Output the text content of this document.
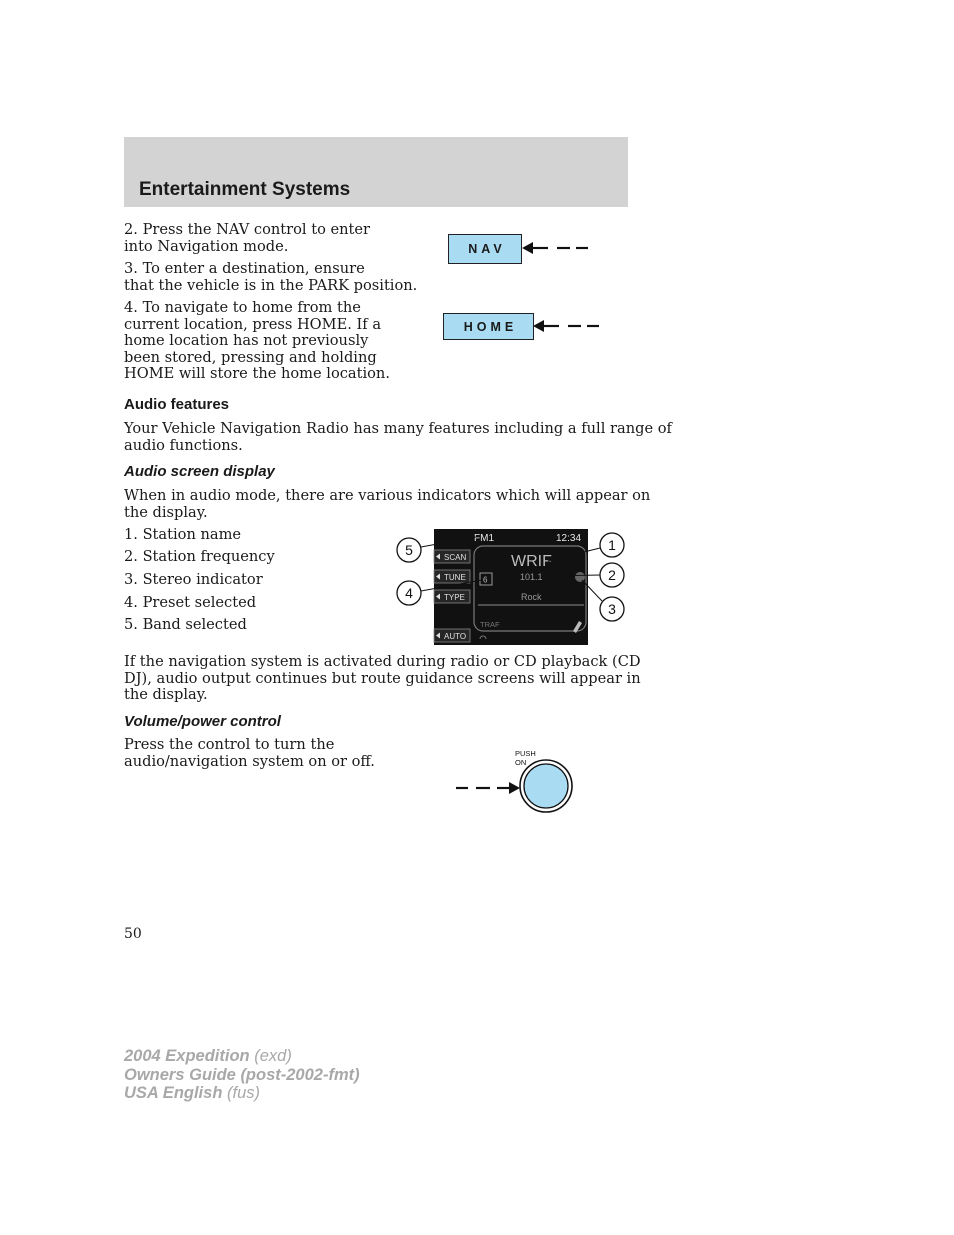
Entertainment Systems

2. Press the NAV control to enter
into Navigation mode.

3. To enter a destination, ensure
that the vehicle is in the PARK position.

4. To navigate to home from the
current location, press HOME. If a
home location has not previously
been stored, pressing and holding
HOME will store the home location.

NAV
HOME
Audio features

Your Vehicle Navigation Radio has many features including a full range of
audio functions.

Audio screen display

When in audio mode, there are various indicators which will appear on
the display.

1. Station name
2. Station frequency
3. Stereo indicator
4. Preset selected
5. Band selected
FM1	12:34
SCAN
TUNE
TYPE
AUTO
WRIF
101.1
6
Rock
TRAF
5
4
1
2
3

If the navigation system is activated during radio or CD playback (CD
DJ), audio output continues but route guidance screens will appear in
the display.

Volume/power control

Press the control to turn the
audio/navigation system on or off.	PUSH
ON
50
2004 Expedition (exd)
Owners Guide (post-2002-fmt)
USA English (fus)
